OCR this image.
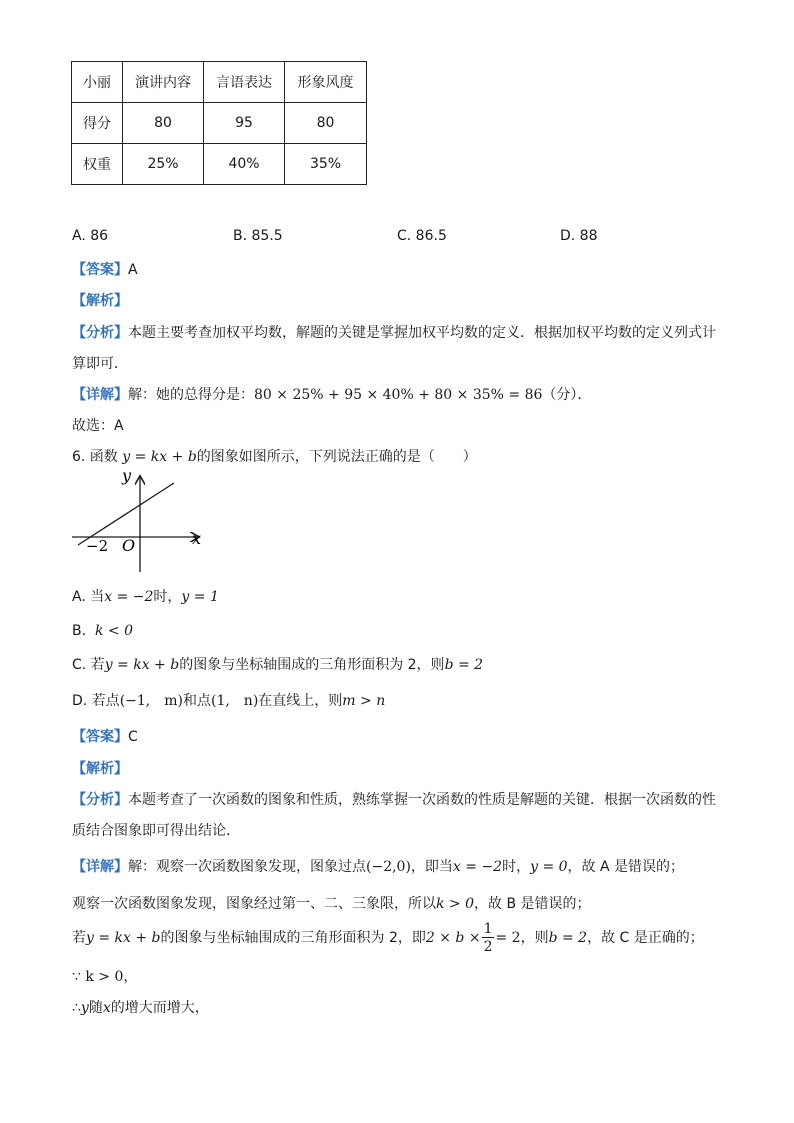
小丽	演讲内容	言语表达	形象风度
得分	80	95	80
权重	25%	40%	35%
A. 86	B. 85.5	C. 86.5	D. 88
【答案】A
【解析】
【分析】本题主要考查加权平均数，解题的关键是掌握加权平均数的定义．根据加权平均数的定义列式计
算即可．
【详解】解：她的总得分是：80 × 25% + 95 × 40% + 80 × 35% = 86（分）．
故选：A
6. 函数 y = kx + b的图象如图所示，下列说法正确的是（　　）
y
x
O
−2
A. 当x = −2时，y = 1
B. k < 0
C. 若y = kx + b的图象与坐标轴围成的三角形面积为 2，则b = 2
D. 若点(−1,　m)和点(1,　n)在直线上，则m > n
【答案】C
【解析】
【分析】本题考查了一次函数的图象和性质，熟练掌握一次函数的性质是解题的关键．根据一次函数的性
质结合图象即可得出结论．
【详解】解：观察一次函数图象发现，图象过点(−2,0)，即当x = −2时，y = 0，故 A 是错误的；
观察一次函数图象发现，图象经过第一、二、三象限，所以k > 0，故 B 是错误的；
若y = kx + b的图象与坐标轴围成的三角形面积为 2，即$2 \times b \times \frac{1}{2} = 2$，则b = 2，故 C 是正确的；
∵ k > 0，
∴y随x的增大而增大，
